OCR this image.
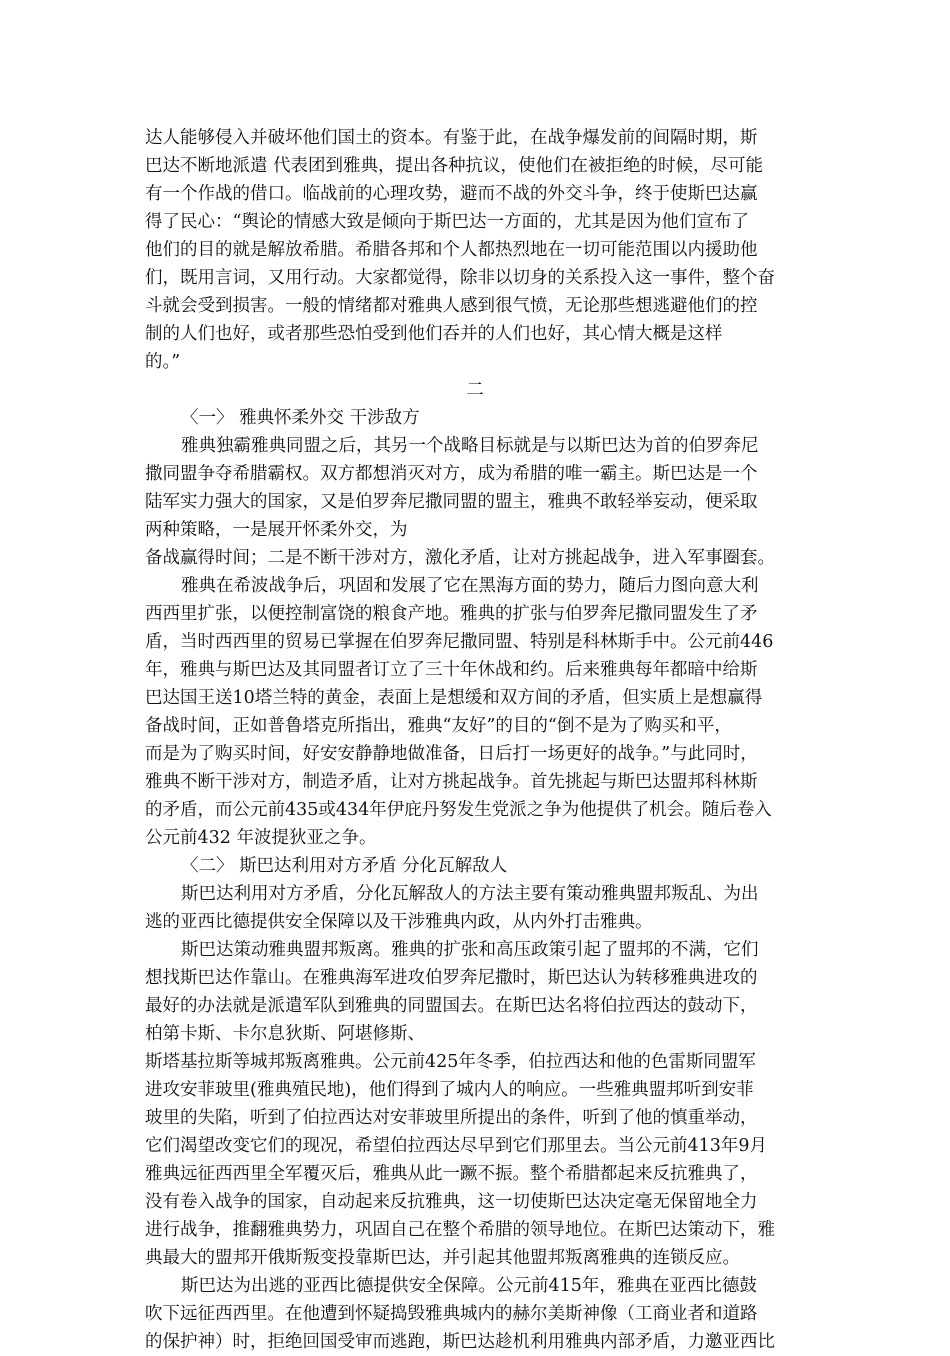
达人能够侵入并破坏他们国土的资本。有鉴于此，在战争爆发前的间隔时期，斯
巴达不断地派遣 代表团到雅典，提出各种抗议，使他们在被拒绝的时候，尽可能
有一个作战的借口。临战前的心理攻势，避而不战的外交斗争，终于使斯巴达赢
得了民心：“舆论的情感大致是倾向于斯巴达一方面的，尤其是因为他们宣布了
他们的目的就是解放希腊。希腊各邦和个人都热烈地在一切可能范围以内援助他
们，既用言词，又用行动。大家都觉得，除非以切身的关系投入这一事件，整个奋
斗就会受到损害。一般的情绪都对雅典人感到很气愤，无论那些想逃避他们的控
制的人们也好，或者那些恐怕受到他们吞并的人们也好，其心情大概是这样
的。”
二
〈一〉 雅典怀柔外交 干涉敌方
雅典独霸雅典同盟之后，其另一个战略目标就是与以斯巴达为首的伯罗奔尼
撒同盟争夺希腊霸权。双方都想消灭对方，成为希腊的唯一霸主。斯巴达是一个
陆军实力强大的国家，又是伯罗奔尼撒同盟的盟主，雅典不敢轻举妄动，便采取
两种策略，一是展开怀柔外交，为
备战赢得时间；二是不断干涉对方，激化矛盾，让对方挑起战争，进入军事圈套。
雅典在希波战争后，巩固和发展了它在黑海方面的势力，随后力图向意大利
西西里扩张，以便控制富饶的粮食产地。雅典的扩张与伯罗奔尼撒同盟发生了矛
盾，当时西西里的贸易已掌握在伯罗奔尼撒同盟、特别是科林斯手中。公元前446
年，雅典与斯巴达及其同盟者订立了三十年休战和约。后来雅典每年都暗中给斯
巴达国王送10塔兰特的黄金，表面上是想缓和双方间的矛盾，但实质上是想赢得
备战时间，正如普鲁塔克所指出，雅典“友好”的目的“倒不是为了购买和平，
而是为了购买时间，好安安静静地做准备，日后打一场更好的战争。”与此同时，
雅典不断干涉对方，制造矛盾，让对方挑起战争。首先挑起与斯巴达盟邦科林斯
的矛盾，而公元前435或434年伊庇丹努发生党派之争为他提供了机会。随后卷入
公元前432 年波提狄亚之争。
〈二〉 斯巴达利用对方矛盾 分化瓦解敌人
斯巴达利用对方矛盾，分化瓦解敌人的方法主要有策动雅典盟邦叛乱、为出
逃的亚西比德提供安全保障以及干涉雅典内政，从内外打击雅典。
斯巴达策动雅典盟邦叛离。雅典的扩张和高压政策引起了盟邦的不满，它们
想找斯巴达作靠山。在雅典海军进攻伯罗奔尼撒时，斯巴达认为转移雅典进攻的
最好的办法就是派遣军队到雅典的同盟国去。在斯巴达名将伯拉西达的鼓动下，
柏第卡斯、卡尔息狄斯、阿堪修斯、
斯塔基拉斯等城邦叛离雅典。公元前425年冬季，伯拉西达和他的色雷斯同盟军
进攻安菲玻里(雅典殖民地)，他们得到了城内人的响应。一些雅典盟邦听到安菲
玻里的失陷，听到了伯拉西达对安菲玻里所提出的条件，听到了他的慎重举动，
它们渴望改变它们的现况，希望伯拉西达尽早到它们那里去。当公元前413年9月
雅典远征西西里全军覆灭后，雅典从此一蹶不振。整个希腊都起来反抗雅典了，
没有卷入战争的国家，自动起来反抗雅典，这一切使斯巴达决定毫无保留地全力
进行战争，推翻雅典势力，巩固自己在整个希腊的领导地位。在斯巴达策动下，雅
典最大的盟邦开俄斯叛变投靠斯巴达，并引起其他盟邦叛离雅典的连锁反应。
斯巴达为出逃的亚西比德提供安全保障。公元前415年，雅典在亚西比德鼓
吹下远征西西里。在他遭到怀疑捣毁雅典城内的赫尔美斯神像（工商业者和道路
的保护神）时，拒绝回国受审而逃跑，斯巴达趁机利用雅典内部矛盾，力邀亚西比
